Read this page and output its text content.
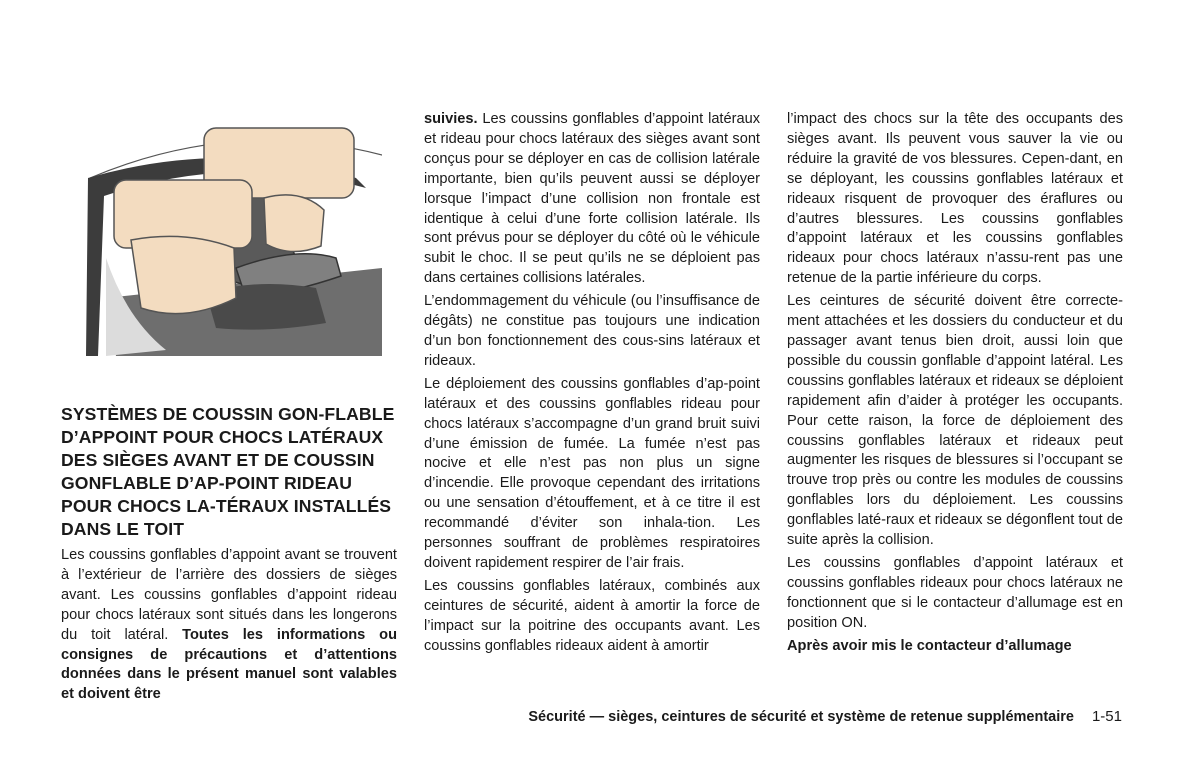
SYSTÈMES DE COUSSIN GON-FLABLE D’APPOINT POUR CHOCS LATÉRAUX DES SIÈGES AVANT ET DE COUSSIN GONFLABLE D’AP-POINT RIDEAU POUR CHOCS LA-TÉRAUX INSTALLÉS DANS LE TOIT

Les coussins gonflables d’appoint avant se trouvent à l’extérieur de l’arrière des dossiers de sièges avant. Les coussins gonflables d’appoint rideau pour chocs latéraux sont situés dans les longerons du toit latéral. Toutes les informations ou consignes de précautions et d’attentions données dans le présent manuel sont valables et doivent être

suivies. Les coussins gonflables d’appoint latéraux et rideau pour chocs latéraux des sièges avant sont conçus pour se déployer en cas de collision latérale importante, bien qu’ils peuvent aussi se déployer lorsque l’impact d’une collision non frontale est identique à celui d’une forte collision latérale. Ils sont prévus pour se déployer du côté où le véhicule subit le choc. Il se peut qu’ils ne se déploient pas dans certaines collisions latérales.

L’endommagement du véhicule (ou l’insuffisance de dégâts) ne constitue pas toujours une indication d’un bon fonctionnement des cous-sins latéraux et rideaux.

Le déploiement des coussins gonflables d’ap-point latéraux et des coussins gonflables rideau pour chocs latéraux s’accompagne d’un grand bruit suivi d’une émission de fumée. La fumée n’est pas nocive et elle n’est pas non plus un signe d’incendie. Elle provoque cependant des irritations ou une sensation d’étouffement, et à ce titre il est recommandé d’éviter son inhala-tion. Les personnes souffrant de problèmes respiratoires doivent rapidement respirer de l’air frais.

Les coussins gonflables latéraux, combinés aux ceintures de sécurité, aident à amortir la force de l’impact sur la poitrine des occupants avant. Les coussins gonflables rideaux aident à amortir

l’impact des chocs sur la tête des occupants des sièges avant. Ils peuvent vous sauver la vie ou réduire la gravité de vos blessures. Cepen-dant, en se déployant, les coussins gonflables latéraux et rideaux risquent de provoquer des éraflures ou d’autres blessures. Les coussins gonflables d’appoint latéraux et les coussins gonflables rideaux pour chocs latéraux n’assu-rent pas une retenue de la partie inférieure du corps.

Les ceintures de sécurité doivent être correcte-ment attachées et les dossiers du conducteur et du passager avant tenus bien droit, aussi loin que possible du coussin gonflable d’appoint latéral. Les coussins gonflables latéraux et rideaux se déploient rapidement afin d’aider à protéger les occupants. Pour cette raison, la force de déploiement des coussins gonflables latéraux et rideaux peut augmenter les risques de blessures si l’occupant se trouve trop près ou contre les modules de coussins gonflables lors du déploiement. Les coussins gonflables laté-raux et rideaux se dégonflent tout de suite après la collision.

Les coussins gonflables d’appoint latéraux et coussins gonflables rideaux pour chocs latéraux ne fonctionnent que si le contacteur d’allumage est en position ON.

Après avoir mis le contacteur d’allumage

Sécurité — sièges, ceintures de sécurité et système de retenue supplémentaire 1-51
